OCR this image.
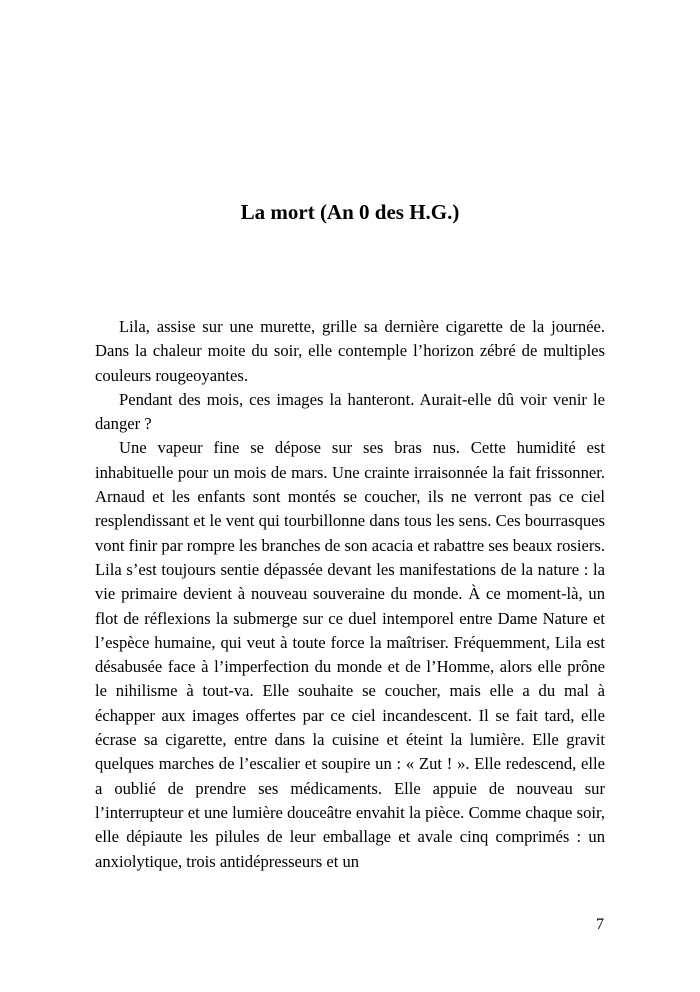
La mort (An 0 des H.G.)

Lila, assise sur une murette, grille sa dernière cigarette de la journée. Dans la chaleur moite du soir, elle contemple l’horizon zébré de multiples couleurs rougeoyantes.

Pendant des mois, ces images la hanteront. Aurait-elle dû voir venir le danger ?

Une vapeur fine se dépose sur ses bras nus. Cette humidité est inhabituelle pour un mois de mars. Une crainte irraisonnée la fait frissonner. Arnaud et les enfants sont montés se coucher, ils ne verront pas ce ciel resplendissant et le vent qui tourbillonne dans tous les sens. Ces bourrasques vont finir par rompre les branches de son acacia et rabattre ses beaux rosiers. Lila s’est toujours sentie dépassée devant les manifestations de la nature : la vie primaire devient à nouveau souveraine du monde. À ce moment-là, un flot de réflexions la submerge sur ce duel intemporel entre Dame Nature et l’espèce humaine, qui veut à toute force la maîtriser. Fréquemment, Lila est désabusée face à l’imperfection du monde et de l’Homme, alors elle prône le nihilisme à tout-va. Elle souhaite se coucher, mais elle a du mal à échapper aux images offertes par ce ciel incandescent. Il se fait tard, elle écrase sa cigarette, entre dans la cuisine et éteint la lumière. Elle gravit quelques marches de l’escalier et soupire un : « Zut ! ». Elle redescend, elle a oublié de prendre ses médicaments. Elle appuie de nouveau sur l’interrupteur et une lumière douceâtre envahit la pièce. Comme chaque soir, elle dépiaute les pilules de leur emballage et avale cinq comprimés : un anxiolytique, trois antidépresseurs et un

7
